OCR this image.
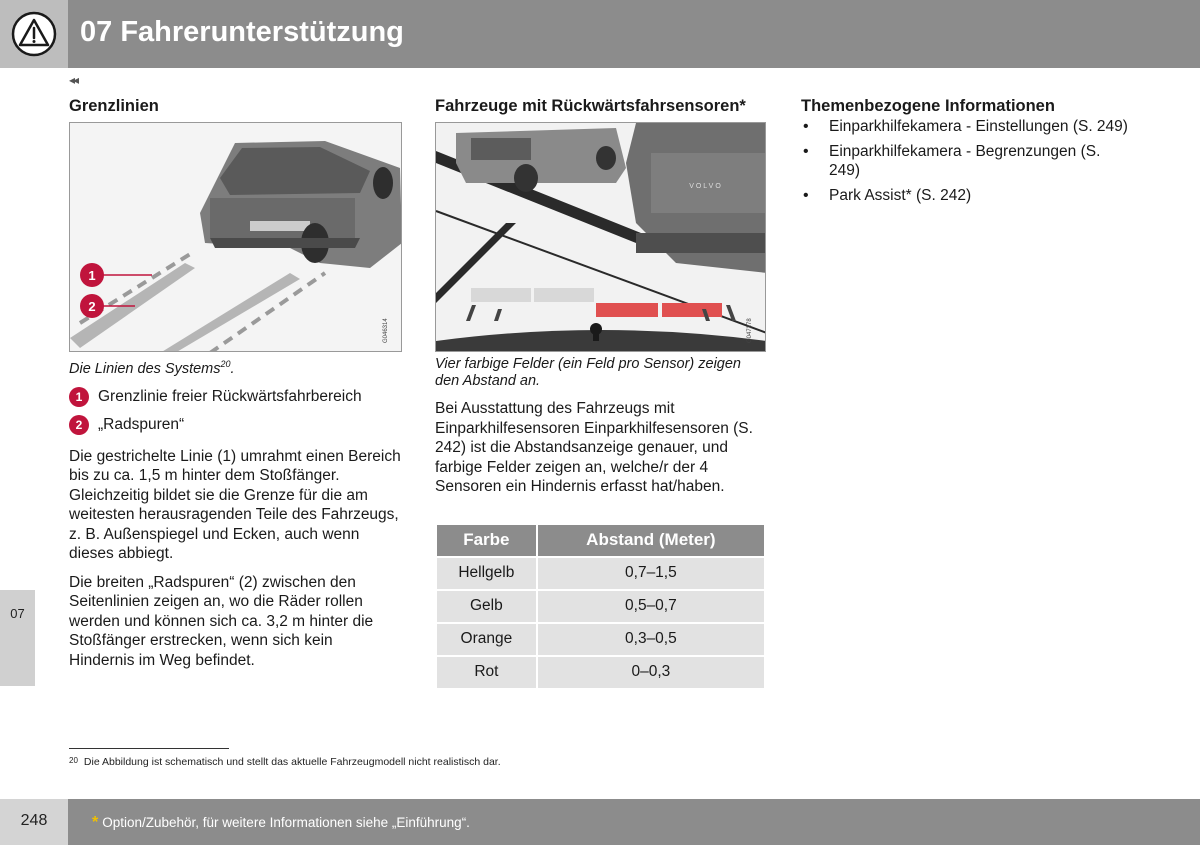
07 Fahrerunterstützung
◂◂
Grenzlinien
1
2
G046314
Die Linien des Systems$^{20}$.
1	Grenzlinie freier Rückwärtsfahrbereich
2	„Radspuren“

Die gestrichelte Linie (1) umrahmt einen Bereich bis zu ca. 1,5 m hinter dem Stoßfänger. Gleichzeitig bildet sie die Grenze für die am weitesten herausragenden Teile des Fahrzeugs, z. B. Außenspiegel und Ecken, auch wenn dieses abbiegt.

Die breiten „Radspuren“ (2) zwischen den Seitenlinien zeigen an, wo die Räder rollen werden und können sich ca. 3,2 m hinter die Stoßfänger erstrecken, wenn sich kein Hindernis im Weg befindet.

Fahrzeuge mit Rückwärtsfahrsensoren*
VOLVO
G047278
Vier farbige Felder (ein Feld pro Sensor) zeigen den Abstand an.

Bei Ausstattung des Fahrzeugs mit Einparkhilfesensoren Einparkhilfesensoren (S. 242) ist die Abstandsanzeige genauer, und farbige Felder zeigen an, welche/r der 4 Sensoren ein Hindernis erfasst hat/haben.

Farbe	Abstand (Meter)
Hellgelb	0,7–1,5
Gelb	0,5–0,7
Orange	0,3–0,5
Rot	0–0,3
Themenbezogene Informationen
• Einparkhilfekamera - Einstellungen (S. 249)
• Einparkhilfekamera - Begrenzungen (S. 249)
• Park Assist* (S. 242)
07
$^{20}$ Die Abbildung ist schematisch und stellt das aktuelle Fahrzeugmodell nicht realistisch dar.
248	* Option/Zubehör, für weitere Informationen siehe „Einführung“.
